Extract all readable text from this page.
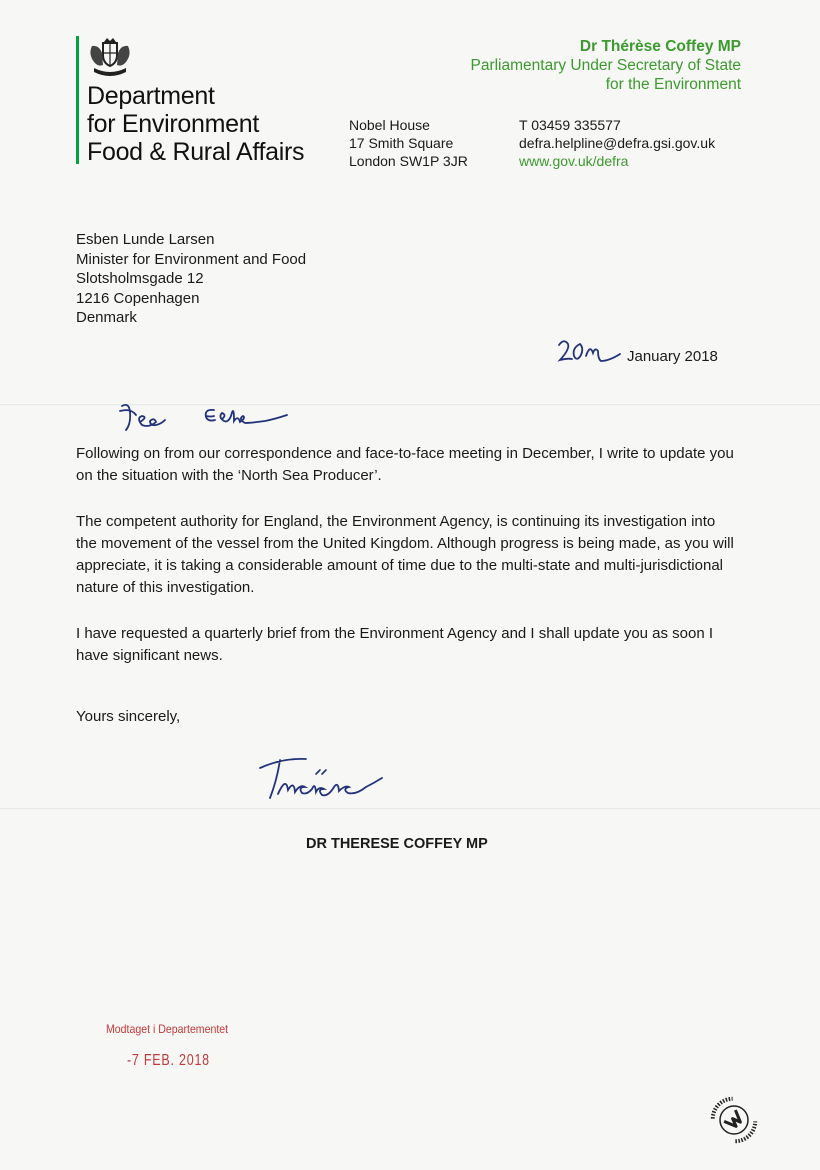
Department
for Environment
Food & Rural Affairs
Dr Thérèse Coffey MP
Parliamentary Under Secretary of State
for the Environment
Nobel House
17 Smith Square
London SW1P 3JR
T 03459 335577
defra.helpline@defra.gsi.gov.uk
www.gov.uk/defra
Esben Lunde Larsen
Minister for Environment and Food
Slotsholmsgade 12
1216 Copenhagen
Denmark
January 2018

Following on from our correspondence and face-to-face meeting in December, I write to update you on the situation with the ‘North Sea Producer’.

The competent authority for England, the Environment Agency, is continuing its investigation into the movement of the vessel from the United Kingdom. Although progress is being made, as you will appreciate, it is taking a considerable amount of time due to the multi-state and multi-jurisdictional nature of this investigation.

I have requested a quarterly brief from the Environment Agency and I shall update you as soon I have significant news.

Yours sincerely,
DR THERESE COFFEY MP
Modtaget i Departementet
-7 FEB. 2018
